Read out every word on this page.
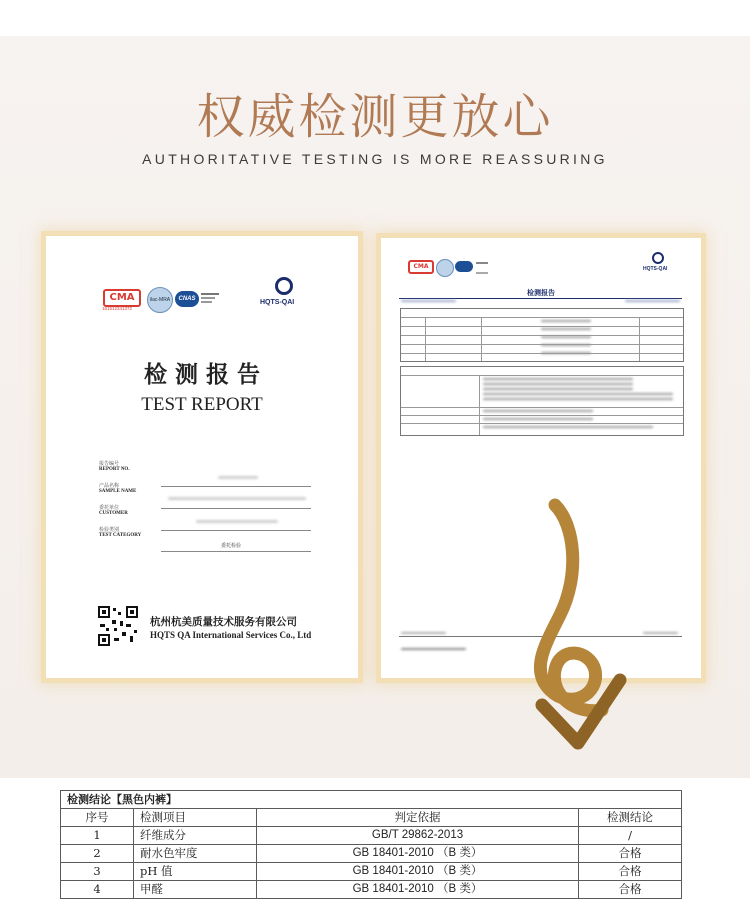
权威检测更放心
AUTHORITATIVE TESTING IS MORE REASSURING
CMA
161512341372
ilac-MRA	CNAS	HQTS-QAI
检 测 报 告
TEST REPORT
报告编号
REPORT NO.
产品名称
SAMPLE NAME
委托单位
CUSTOMER
检验类别
TEST CATEGORY
委托检验
杭州杭美质量技术服务有限公司
HQTS QA International Services Co., Ltd
CMA	HQTS-QAI
检测报告
检测结论【黑色内裤】			
序号	检测项目	判定依据	检测结论
1	纤维成分	GB/T 29862-2013	/
2	耐水色牢度	GB 18401-2010 （B 类）	合格
3	pH 值	GB 18401-2010 （B 类）	合格
4	甲醛	GB 18401-2010 （B 类）	合格
